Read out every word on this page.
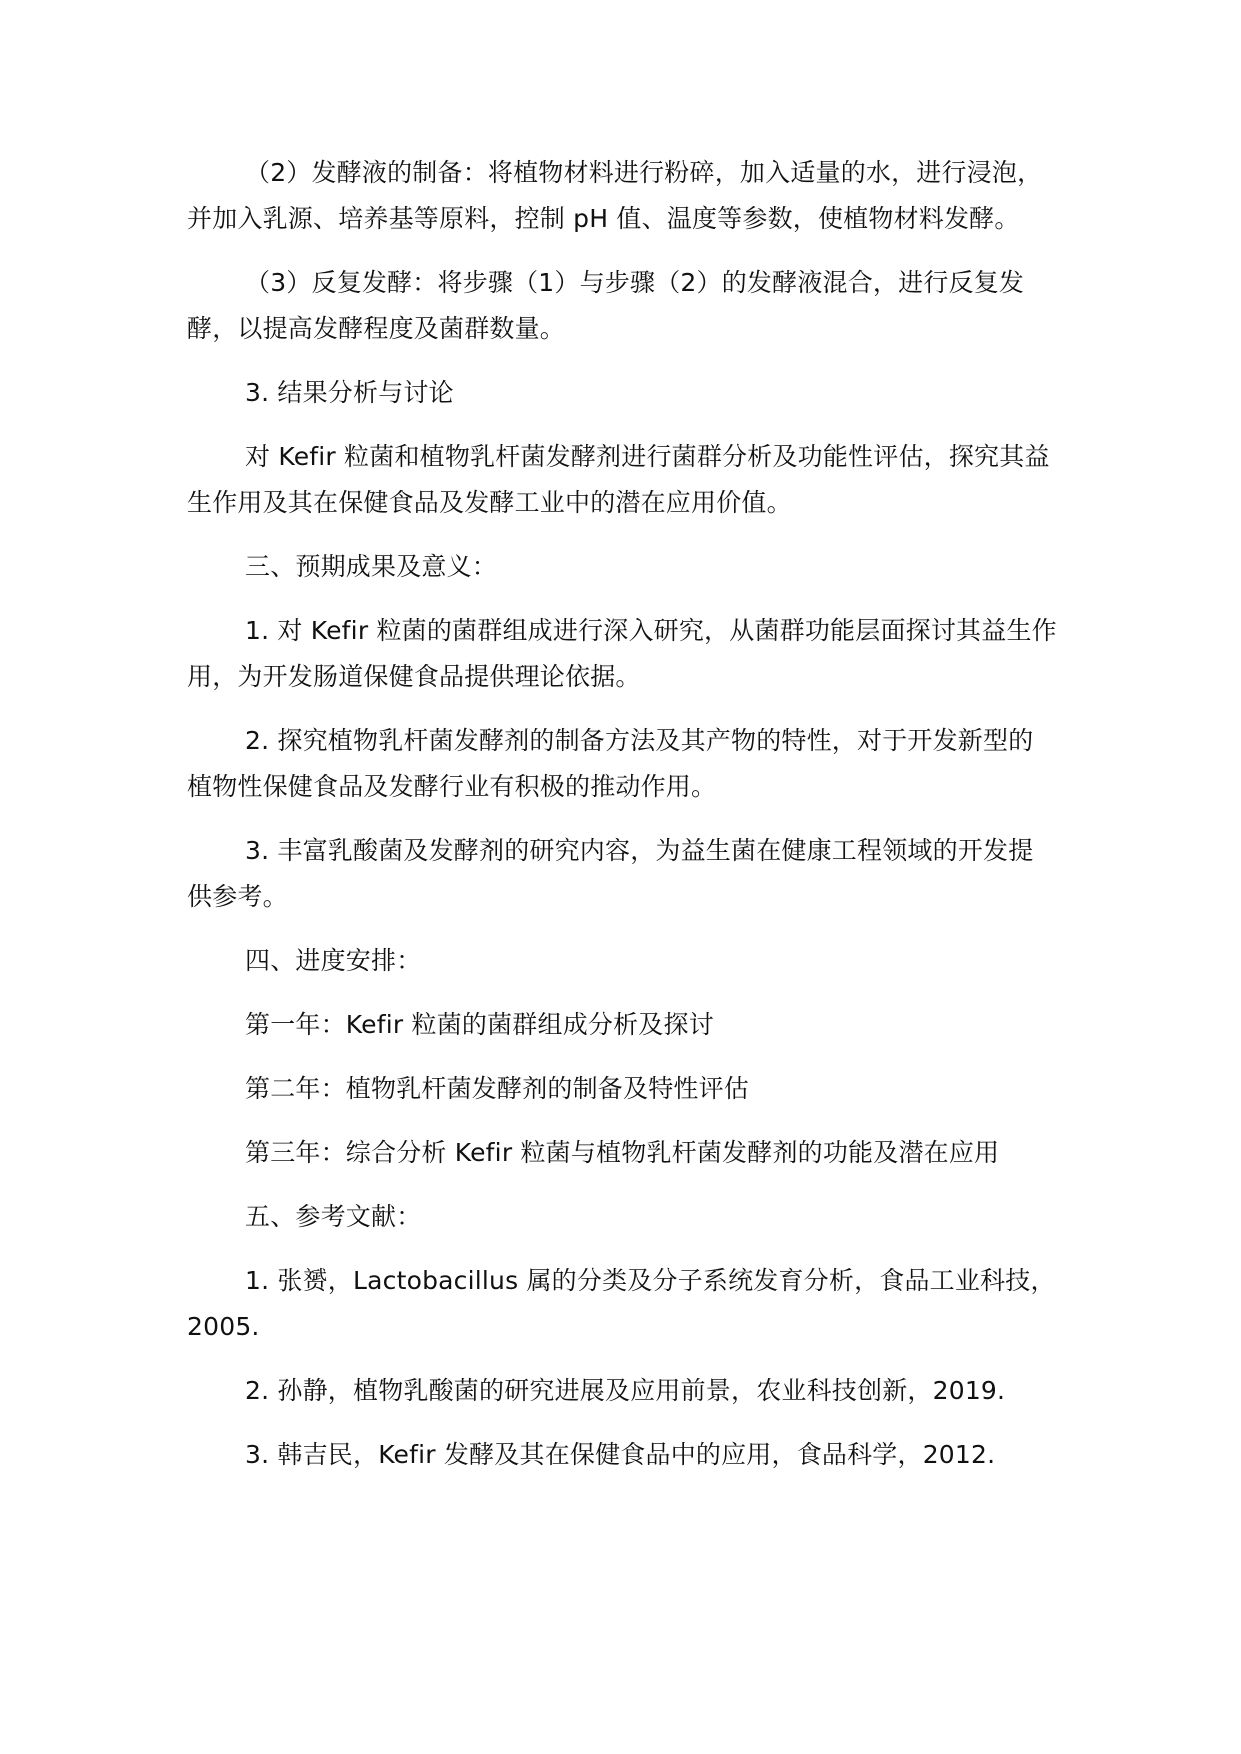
（2）发酵液的制备：将植物材料进行粉碎，加入适量的水，进行浸泡，并加入乳源、培养基等原料，控制 pH 值、温度等参数，使植物材料发酵。

（3）反复发酵：将步骤（1）与步骤（2）的发酵液混合，进行反复发酵，以提高发酵程度及菌群数量。

3. 结果分析与讨论

对 Kefir 粒菌和植物乳杆菌发酵剂进行菌群分析及功能性评估，探究其益生作用及其在保健食品及发酵工业中的潜在应用价值。

三、预期成果及意义：

1. 对 Kefir 粒菌的菌群组成进行深入研究，从菌群功能层面探讨其益生作用，为开发肠道保健食品提供理论依据。

2. 探究植物乳杆菌发酵剂的制备方法及其产物的特性，对于开发新型的植物性保健食品及发酵行业有积极的推动作用。

3. 丰富乳酸菌及发酵剂的研究内容，为益生菌在健康工程领域的开发提供参考。

四、进度安排：

第一年：Kefir 粒菌的菌群组成分析及探讨

第二年：植物乳杆菌发酵剂的制备及特性评估

第三年：综合分析 Kefir 粒菌与植物乳杆菌发酵剂的功能及潜在应用

五、参考文献：

1. 张赟，Lactobacillus 属的分类及分子系统发育分析，食品工业科技，2005.

2. 孙静，植物乳酸菌的研究进展及应用前景，农业科技创新，2019.

3. 韩吉民，Kefir 发酵及其在保健食品中的应用，食品科学，2012.
